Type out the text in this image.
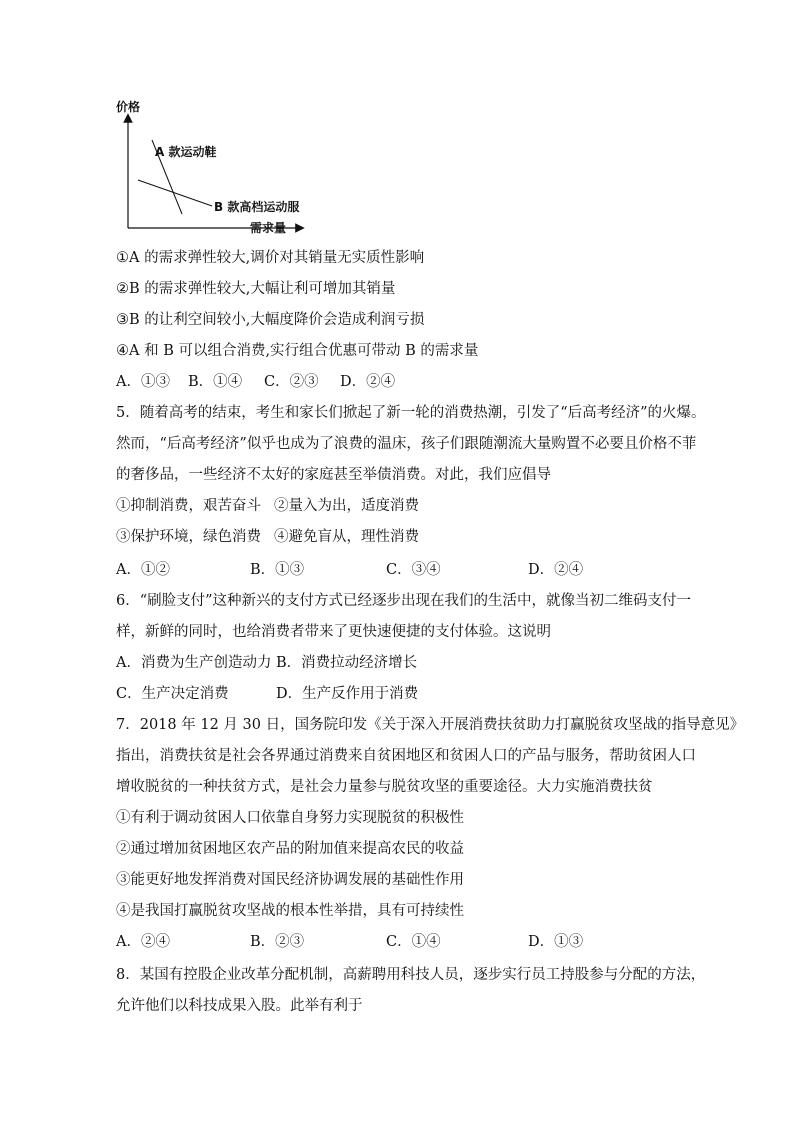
价格
A 款运动鞋
B 款高档运动服
需求量
①A 的需求弹性较大,调价对其销量无实质性影响
②B 的需求弹性较大,大幅让利可增加其销量
③B 的让利空间较小,大幅度降价会造成利润亏损
④A 和 B 可以组合消费,实行组合优惠可带动 B 的需求量
A．①③ B．①④ C．②③ D．②④
5．随着高考的结束，考生和家长们掀起了新一轮的消费热潮，引发了“后高考经济”的火爆。
然而，“后高考经济”似乎也成为了浪费的温床，孩子们跟随潮流大量购置不必要且价格不菲
的奢侈品，一些经济不太好的家庭甚至举债消费。对此，我们应倡导
①抑制消费，艰苦奋斗 ②量入为出，适度消费
③保护环境，绿色消费 ④避免盲从，理性消费
A．①②	B．①③	C．③④	D．②④
6．“刷脸支付”这种新兴的支付方式已经逐步出现在我们的生活中，就像当初二维码支付一
样，新鲜的同时，也给消费者带来了更快速便捷的支付体验。这说明
A．消费为生产创造动力 B．消费拉动经济增长
C．生产决定消费	D．生产反作用于消费
7．2018 年 12 月 30 日，国务院印发《关于深入开展消费扶贫助力打赢脱贫攻坚战的指导意见》
指出，消费扶贫是社会各界通过消费来自贫困地区和贫困人口的产品与服务，帮助贫困人口
增收脱贫的一种扶贫方式，是社会力量参与脱贫攻坚的重要途径。大力实施消费扶贫
①有利于调动贫困人口依靠自身努力实现脱贫的积极性
②通过增加贫困地区农产品的附加值来提高农民的收益
③能更好地发挥消费对国民经济协调发展的基础性作用
④是我国打赢脱贫攻坚战的根本性举措，具有可持续性
A．②④	B．②③	C．①④	D．①③
8．某国有控股企业改革分配机制，高薪聘用科技人员，逐步实行员工持股参与分配的方法，
允许他们以科技成果入股。此举有利于
